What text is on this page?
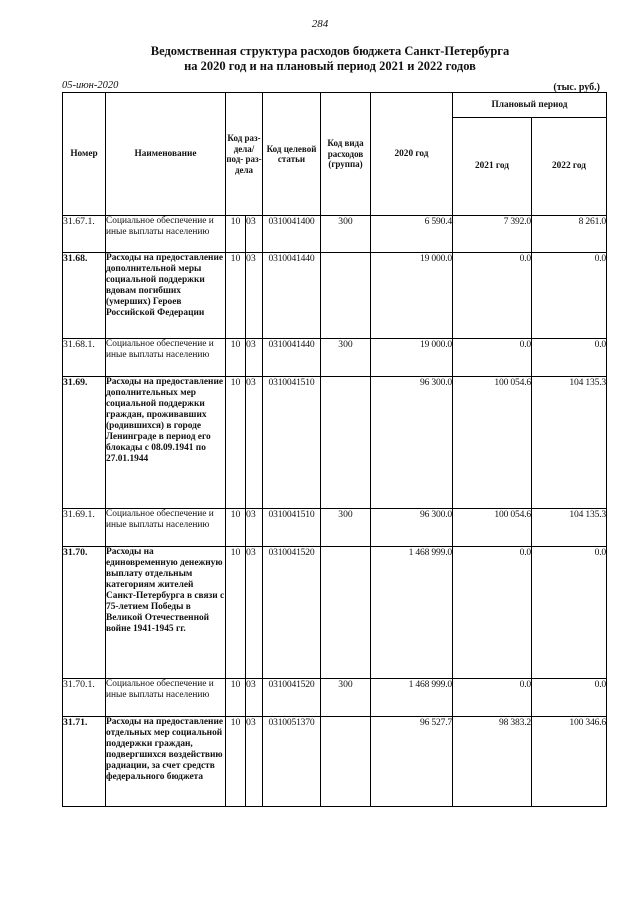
284
Ведомственная структура расходов бюджета Санкт-Петербурга
на 2020 год и на плановый период 2021 и 2022 годов
05-июн-2020	(тыс. руб.)
Номер	Наименование	Код раз- дела/ под- раз- дела		Код целевой статьи	Код вида расходов (группа)	2020 год	Плановый период	
							2021 год	2022 год
31.67.1.	Социальное обеспечение и иные выплаты населению	10	03	0310041400	300	6 590.4	7 392.0	8 261.0
31.68.	Расходы на предоставление дополнительной меры социальной поддержки вдовам погибших (умерших) Героев Российской Федерации	10	03	0310041440		19 000.0	0.0	0.0
31.68.1.	Социальное обеспечение и иные выплаты населению	10	03	0310041440	300	19 000.0	0.0	0.0
31.69.	Расходы на предоставление дополнительных мер социальной поддержки граждан, проживавших (родившихся) в городе Ленинграде в период его блокады с 08.09.1941 по 27.01.1944	10	03	0310041510		96 300.0	100 054.6	104 135.3
31.69.1.	Социальное обеспечение и иные выплаты населению	10	03	0310041510	300	96 300.0	100 054.6	104 135.3
31.70.	Расходы на единовременную денежную выплату отдельным категориям жителей Санкт-Петербурга в связи с 75-летием Победы в Великой Отечественной войне 1941-1945 гг.	10	03	0310041520		1 468 999.0	0.0	0.0
31.70.1.	Социальное обеспечение и иные выплаты населению	10	03	0310041520	300	1 468 999.0	0.0	0.0
31.71.	Расходы на предоставление отдельных мер социальной поддержки граждан, подвергшихся воздействию радиации, за счет средств федерального бюджета	10	03	0310051370		96 527.7	98 383.2	100 346.6
